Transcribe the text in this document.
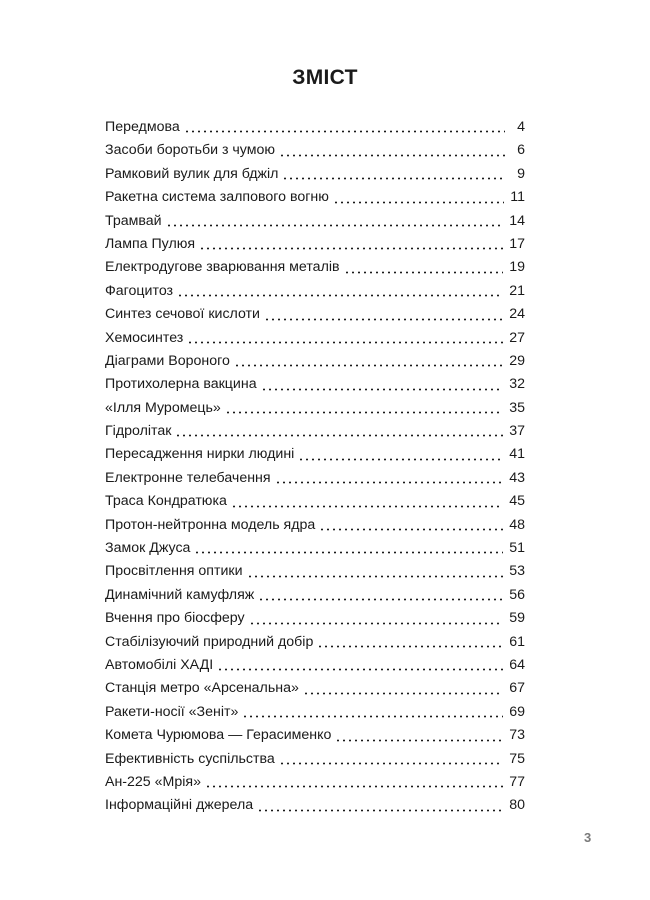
ЗМІСТ
Передмова	4
Засоби боротьби з чумою	6
Рамковий вулик для бджіл	9
Ракетна система залпового вогню	11
Трамвай	14
Лампа Пулюя	17
Електродугове зварювання металів	19
Фагоцитоз	21
Синтез сечової кислоти	24
Хемосинтез	27
Діаграми Вороного	29
Протихолерна вакцина	32
«Ілля Муромець»	35
Гідролітак	37
Пересадження нирки людині	41
Електронне телебачення	43
Траса Кондратюка	45
Протон-нейтронна модель ядра	48
Замок Джуса	51
Просвітлення оптики	53
Динамічний камуфляж	56
Вчення про біосферу	59
Стабілізуючий природний добір	61
Автомобілі ХАДІ	64
Станція метро «Арсенальна»	67
Ракети-носії «Зеніт»	69
Комета Чурюмова — Герасименко	73
Ефективність суспільства	75
Ан-225 «Мрія»	77
Інформаційні джерела	80
3
